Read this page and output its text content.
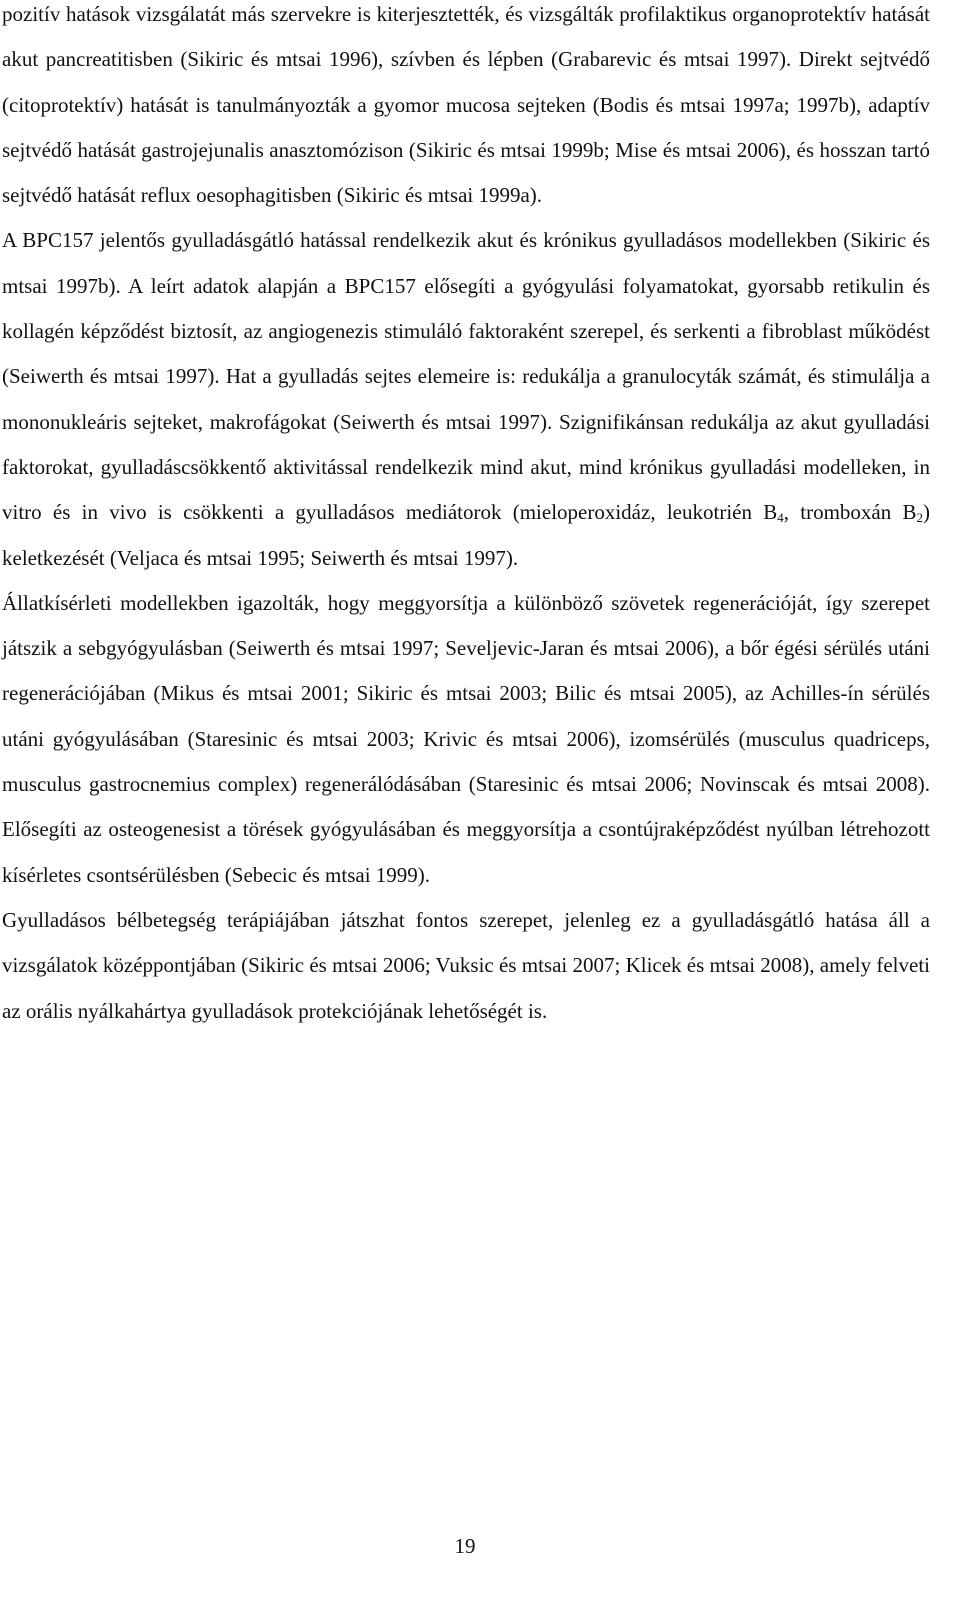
pozitív hatások vizsgálatát más szervekre is kiterjesztették, és vizsgálták profilaktikus organoprotektív hatását akut pancreatitisben (Sikiric és mtsai 1996), szívben és lépben (Grabarevic és mtsai 1997). Direkt sejtvédő (citoprotektív) hatását is tanulmányozták a gyomor mucosa sejteken (Bodis és mtsai 1997a; 1997b), adaptív sejtvédő hatását gastrojejunalis anasztomózison (Sikiric és mtsai 1999b; Mise és mtsai 2006), és hosszan tartó sejtvédő hatását reflux oesophagitisben (Sikiric és mtsai 1999a).

A BPC157 jelentős gyulladásgátló hatással rendelkezik akut és krónikus gyulladásos modellekben (Sikiric és mtsai 1997b). A leírt adatok alapján a BPC157 elősegíti a gyógyulási folyamatokat, gyorsabb retikulin és kollagén képződést biztosít, az angiogenezis stimuláló faktoraként szerepel, és serkenti a fibroblast működést (Seiwerth és mtsai 1997). Hat a gyulladás sejtes elemeire is: redukálja a granulocyták számát, és stimulálja a mononukleáris sejteket, makrofágokat (Seiwerth és mtsai 1997). Szignifikánsan redukálja az akut gyulladási faktorokat, gyulladáscsökkentő aktivitással rendelkezik mind akut, mind krónikus gyulladási modelleken, in vitro és in vivo is csökkenti a gyulladásos mediátorok (mieloperoxidáz, leukotrién $B_4$, tromboxán $B_2$) keletkezését (Veljaca és mtsai 1995; Seiwerth és mtsai 1997).

Állatkísérleti modellekben igazolták, hogy meggyorsítja a különböző szövetek regenerációját, így szerepet játszik a sebgyógyulásban (Seiwerth és mtsai 1997; Seveljevic-Jaran és mtsai 2006), a bőr égési sérülés utáni regenerációjában (Mikus és mtsai 2001; Sikiric és mtsai 2003; Bilic és mtsai 2005), az Achilles-ín sérülés utáni gyógyulásában (Staresinic és mtsai 2003; Krivic és mtsai 2006), izomsérülés (musculus quadriceps, musculus gastrocnemius complex) regenerálódásában (Staresinic és mtsai 2006; Novinscak és mtsai 2008). Elősegíti az osteogenesist a törések gyógyulásában és meggyorsítja a csontújraképződést nyúlban létrehozott kísérletes csontsérülésben (Sebecic és mtsai 1999).

Gyulladásos bélbetegség terápiájában játszhat fontos szerepet, jelenleg ez a gyulladásgátló hatása áll a vizsgálatok középpontjában (Sikiric és mtsai 2006; Vuksic és mtsai 2007; Klicek és mtsai 2008), amely felveti az orális nyálkahártya gyulladások protekciójának lehetőségét is.

19
